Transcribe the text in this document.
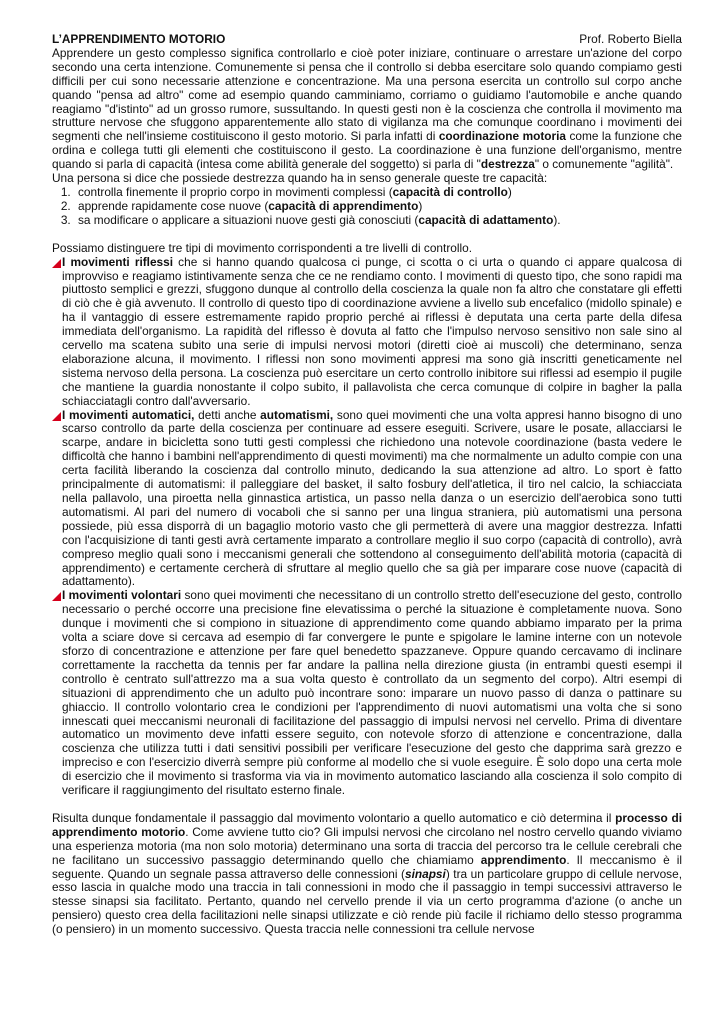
L’APPRENDIMENTO MOTORIO	Prof. Roberto Biella

Apprendere un gesto complesso significa controllarlo e cioè poter iniziare, continuare o arrestare un'azione del corpo secondo una certa intenzione. Comunemente si pensa che il controllo si debba esercitare solo quando compiamo gesti difficili per cui sono necessarie attenzione e concentrazione. Ma una persona esercita un controllo sul corpo anche quando "pensa ad altro" come ad esempio quando camminiamo, corriamo o guidiamo l'automobile e anche quando reagiamo "d'istinto" ad un grosso rumore, sussultando. In questi gesti non è la coscienza che controlla il movimento ma strutture nervose che sfuggono apparentemente allo stato di vigilanza ma che comunque coordinano i movimenti dei segmenti che nell'insieme costituiscono il gesto motorio. Si parla infatti di coordinazione motoria come la funzione che ordina e collega tutti gli elementi che costituiscono il gesto. La coordinazione è una funzione dell'organismo, mentre quando si parla di capacità (intesa come abilità generale del soggetto) si parla di "destrezza" o comunemente "agilità".

Una persona si dice che possiede destrezza quando ha in senso generale queste tre capacità:

1. controlla finemente il proprio corpo in movimenti complessi (capacità di controllo)
2. apprende rapidamente cose nuove (capacità di apprendimento)
3. sa modificare o applicare a situazioni nuove gesti già conosciuti (capacità di adattamento).

Possiamo distinguere tre tipi di movimento corrispondenti a tre livelli di controllo.

I movimenti riflessi che si hanno quando qualcosa ci punge, ci scotta o ci urta o quando ci appare qualcosa di improvviso e reagiamo istintivamente senza che ce ne rendiamo conto. I movimenti di questo tipo, che sono rapidi ma piuttosto semplici e grezzi, sfuggono dunque al controllo della coscienza la quale non fa altro che constatare gli effetti di ciò che è già avvenuto. Il controllo di questo tipo di coordinazione avviene a livello sub encefalico (midollo spinale) e ha il vantaggio di essere estremamente rapido proprio perché ai riflessi è deputata una certa parte della difesa immediata dell'organismo. La rapidità del riflesso è dovuta al fatto che l'impulso nervoso sensitivo non sale sino al cervello ma scatena subito una serie di impulsi nervosi motori (diretti cioè ai muscoli) che determinano, senza elaborazione alcuna, il movimento. I riflessi non sono movimenti appresi ma sono già inscritti geneticamente nel sistema nervoso della persona. La coscienza può esercitare un certo controllo inibitore sui riflessi ad esempio il pugile che mantiene la guardia nonostante il colpo subito, il pallavolista che cerca comunque di colpire in bagher la palla schiacciatagli contro dall'avversario.

I movimenti automatici, detti anche automatismi, sono quei movimenti che una volta appresi hanno bisogno di uno scarso controllo da parte della coscienza per continuare ad essere eseguiti. Scrivere, usare le posate, allacciarsi le scarpe, andare in bicicletta sono tutti gesti complessi che richiedono una notevole coordinazione (basta vedere le difficoltà che hanno i bambini nell'apprendimento di questi movimenti) ma che normalmente un adulto compie con una certa facilità liberando la coscienza dal controllo minuto, dedicando la sua attenzione ad altro. Lo sport è fatto principalmente di automatismi: il palleggiare del basket, il salto fosbury dell'atletica, il tiro nel calcio, la schiacciata nella pallavolo, una piroetta nella ginnastica artistica, un passo nella danza o un esercizio dell'aerobica sono tutti automatismi. Al pari del numero di vocaboli che si sanno per una lingua straniera, più automatismi una persona possiede, più essa disporrà di un bagaglio motorio vasto che gli permetterà di avere una maggior destrezza. Infatti con l'acquisizione di tanti gesti avrà certamente imparato a controllare meglio il suo corpo (capacità di controllo), avrà compreso meglio quali sono i meccanismi generali che sottendono al conseguimento dell'abilità motoria (capacità di apprendimento) e certamente cercherà di sfruttare al meglio quello che sa già per imparare cose nuove (capacità di adattamento).

I movimenti volontari sono quei movimenti che necessitano di un controllo stretto dell'esecuzione del gesto, controllo necessario o perché occorre una precisione fine elevatissima o perché la situazione è completamente nuova. Sono dunque i movimenti che si compiono in situazione di apprendimento come quando abbiamo imparato per la prima volta a sciare dove si cercava ad esempio di far convergere le punte e spigolare le lamine interne con un notevole sforzo di concentrazione e attenzione per fare quel benedetto spazzaneve. Oppure quando cercavamo di inclinare correttamente la racchetta da tennis per far andare la pallina nella direzione giusta (in entrambi questi esempi il controllo è centrato sull'attrezzo ma a sua volta questo è controllato da un segmento del corpo). Altri esempi di situazioni di apprendimento che un adulto può incontrare sono: imparare un nuovo passo di danza o pattinare su ghiaccio. Il controllo volontario crea le condizioni per l'apprendimento di nuovi automatismi una volta che si sono innescati quei meccanismi neuronali di facilitazione del passaggio di impulsi nervosi nel cervello. Prima di diventare automatico un movimento deve infatti essere seguito, con notevole sforzo di attenzione e concentrazione, dalla coscienza che utilizza tutti i dati sensitivi possibili per verificare l'esecuzione del gesto che dapprima sarà grezzo e impreciso e con l'esercizio diverrà sempre più conforme al modello che si vuole eseguire. È solo dopo una certa mole di esercizio che il movimento si trasforma via via in movimento automatico lasciando alla coscienza il solo compito di verificare il raggiungimento del risultato esterno finale.

Risulta dunque fondamentale il passaggio dal movimento volontario a quello automatico e ciò determina il processo di apprendimento motorio. Come avviene tutto cio? Gli impulsi nervosi che circolano nel nostro cervello quando viviamo una esperienza motoria (ma non solo motoria) determinano una sorta di traccia del percorso tra le cellule cerebrali che ne facilitano un successivo passaggio determinando quello che chiamiamo apprendimento. Il meccanismo è il seguente. Quando un segnale passa attraverso delle connessioni (sinapsi) tra un particolare gruppo di cellule nervose, esso lascia in qualche modo una traccia in tali connessioni in modo che il passaggio in tempi successivi attraverso le stesse sinapsi sia facilitato. Pertanto, quando nel cervello prende il via un certo programma d'azione (o anche un pensiero) questo crea della facilitazioni nelle sinapsi utilizzate e ciò rende più facile il richiamo dello stesso programma (o pensiero) in un momento successivo. Questa traccia nelle connessioni tra cellule nervose
